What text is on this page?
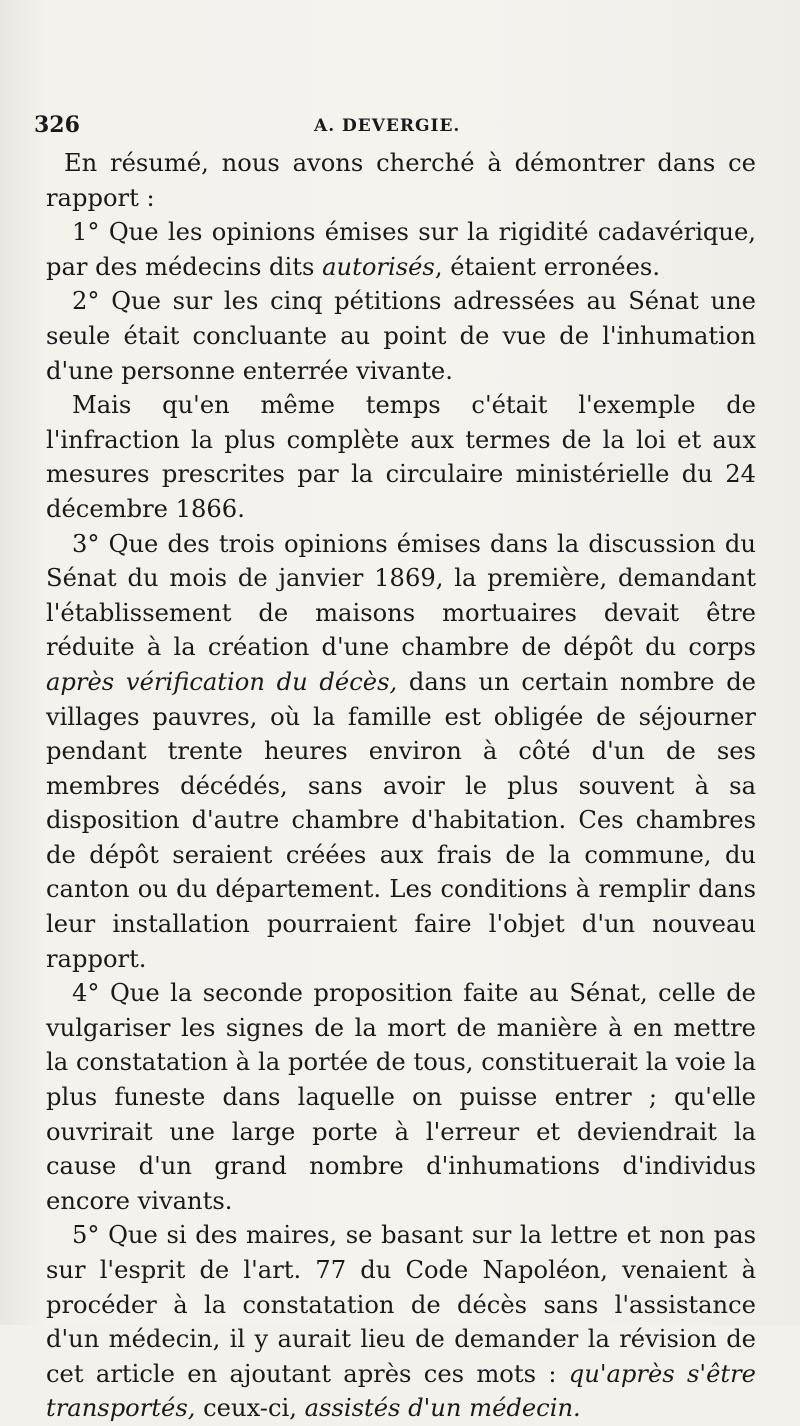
326	A. DEVERGIE.

En résumé, nous avons cherché à démontrer dans ce rapport :

1° Que les opinions émises sur la rigidité cadavérique, par des médecins dits autorisés, étaient erronées.

2° Que sur les cinq pétitions adressées au Sénat une seule était concluante au point de vue de l'inhumation d'une personne enterrée vivante.

Mais qu'en même temps c'était l'exemple de l'infraction la plus complète aux termes de la loi et aux mesures prescrites par la circulaire ministérielle du 24 décembre 1866.

3° Que des trois opinions émises dans la discussion du Sénat du mois de janvier 1869, la première, demandant l'établissement de maisons mortuaires devait être réduite à la création d'une chambre de dépôt du corps après vérification du décès, dans un certain nombre de villages pauvres, où la famille est obligée de séjourner pendant trente heures environ à côté d'un de ses membres décédés, sans avoir le plus souvent à sa disposition d'autre chambre d'habitation. Ces chambres de dépôt seraient créées aux frais de la commune, du canton ou du département. Les conditions à remplir dans leur installation pourraient faire l'objet d'un nouveau rapport.

4° Que la seconde proposition faite au Sénat, celle de vulgariser les signes de la mort de manière à en mettre la constatation à la portée de tous, constituerait la voie la plus funeste dans laquelle on puisse entrer ; qu'elle ouvrirait une large porte à l'erreur et deviendrait la cause d'un grand nombre d'inhumations d'individus encore vivants.

5° Que si des maires, se basant sur la lettre et non pas sur l'esprit de l'art. 77 du Code Napoléon, venaient à procéder à la constatation de décès sans l'assistance d'un médecin, il y aurait lieu de demander la révision de cet article en ajoutant après ces mots : qu'après s'être transportés, ceux-ci, assistés d'un médecin.
